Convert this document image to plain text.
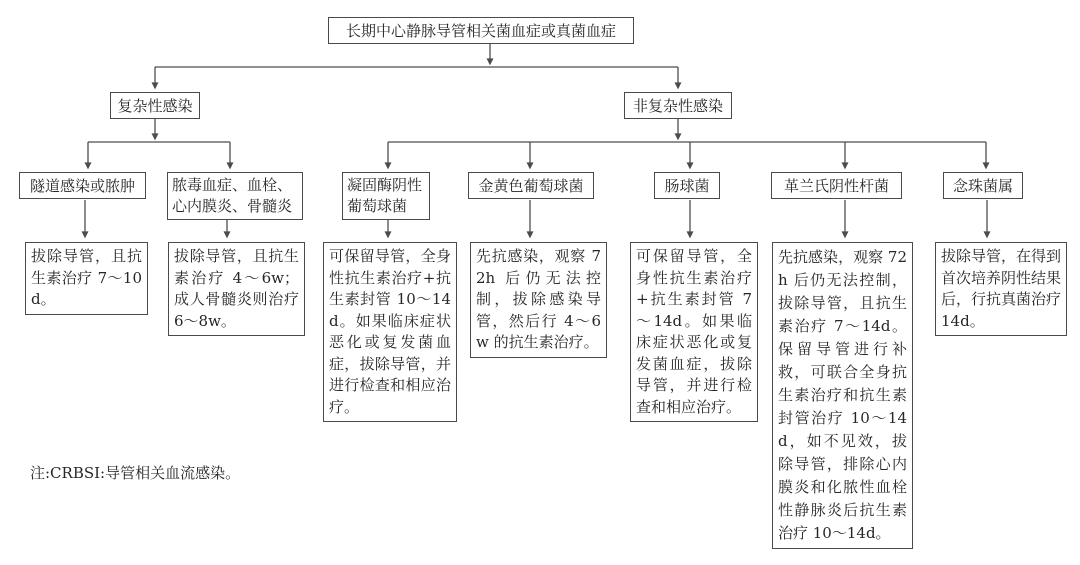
长期中心静脉导管相关菌血症或真菌血症
复杂性感染	非复杂性感染
隧道感染或脓肿	脓毒血症、血栓、心内膜炎、骨髓炎
凝固酶阴性葡萄球菌
金黄色葡萄球菌	肠球菌	革兰氏阴性杆菌	念珠菌属
拔除导管，且抗生素治疗 7～10d。
拔除导管，且抗生素治疗 4～6w；成人骨髓炎则治疗 6～8w。
可保留导管，全身性抗生素治疗+抗生素封管 10～14d。如果临床症状恶化或复发菌血症，拔除导管，并进行检查和相应治疗。
先抗感染，观察 72h 后仍无法控制，拔除感染导管，然后行 4～6w 的抗生素治疗。
可保留导管，全身性抗生素治疗+抗生素封管 7～14d。如果临床症状恶化或复发菌血症，拔除导管，并进行检查和相应治疗。
先抗感染，观察 72h 后仍无法控制，拔除导管，且抗生素治疗 7～14d。保留导管进行补救，可联合全身抗生素治疗和抗生素封管治疗 10～14d，如不见效，拔除导管，排除心内膜炎和化脓性血栓性静脉炎后抗生素治疗 10～14d。
拔除导管，在得到首次培养阴性结果后，行抗真菌治疗 14d。
注:CRBSI:导管相关血流感染。
